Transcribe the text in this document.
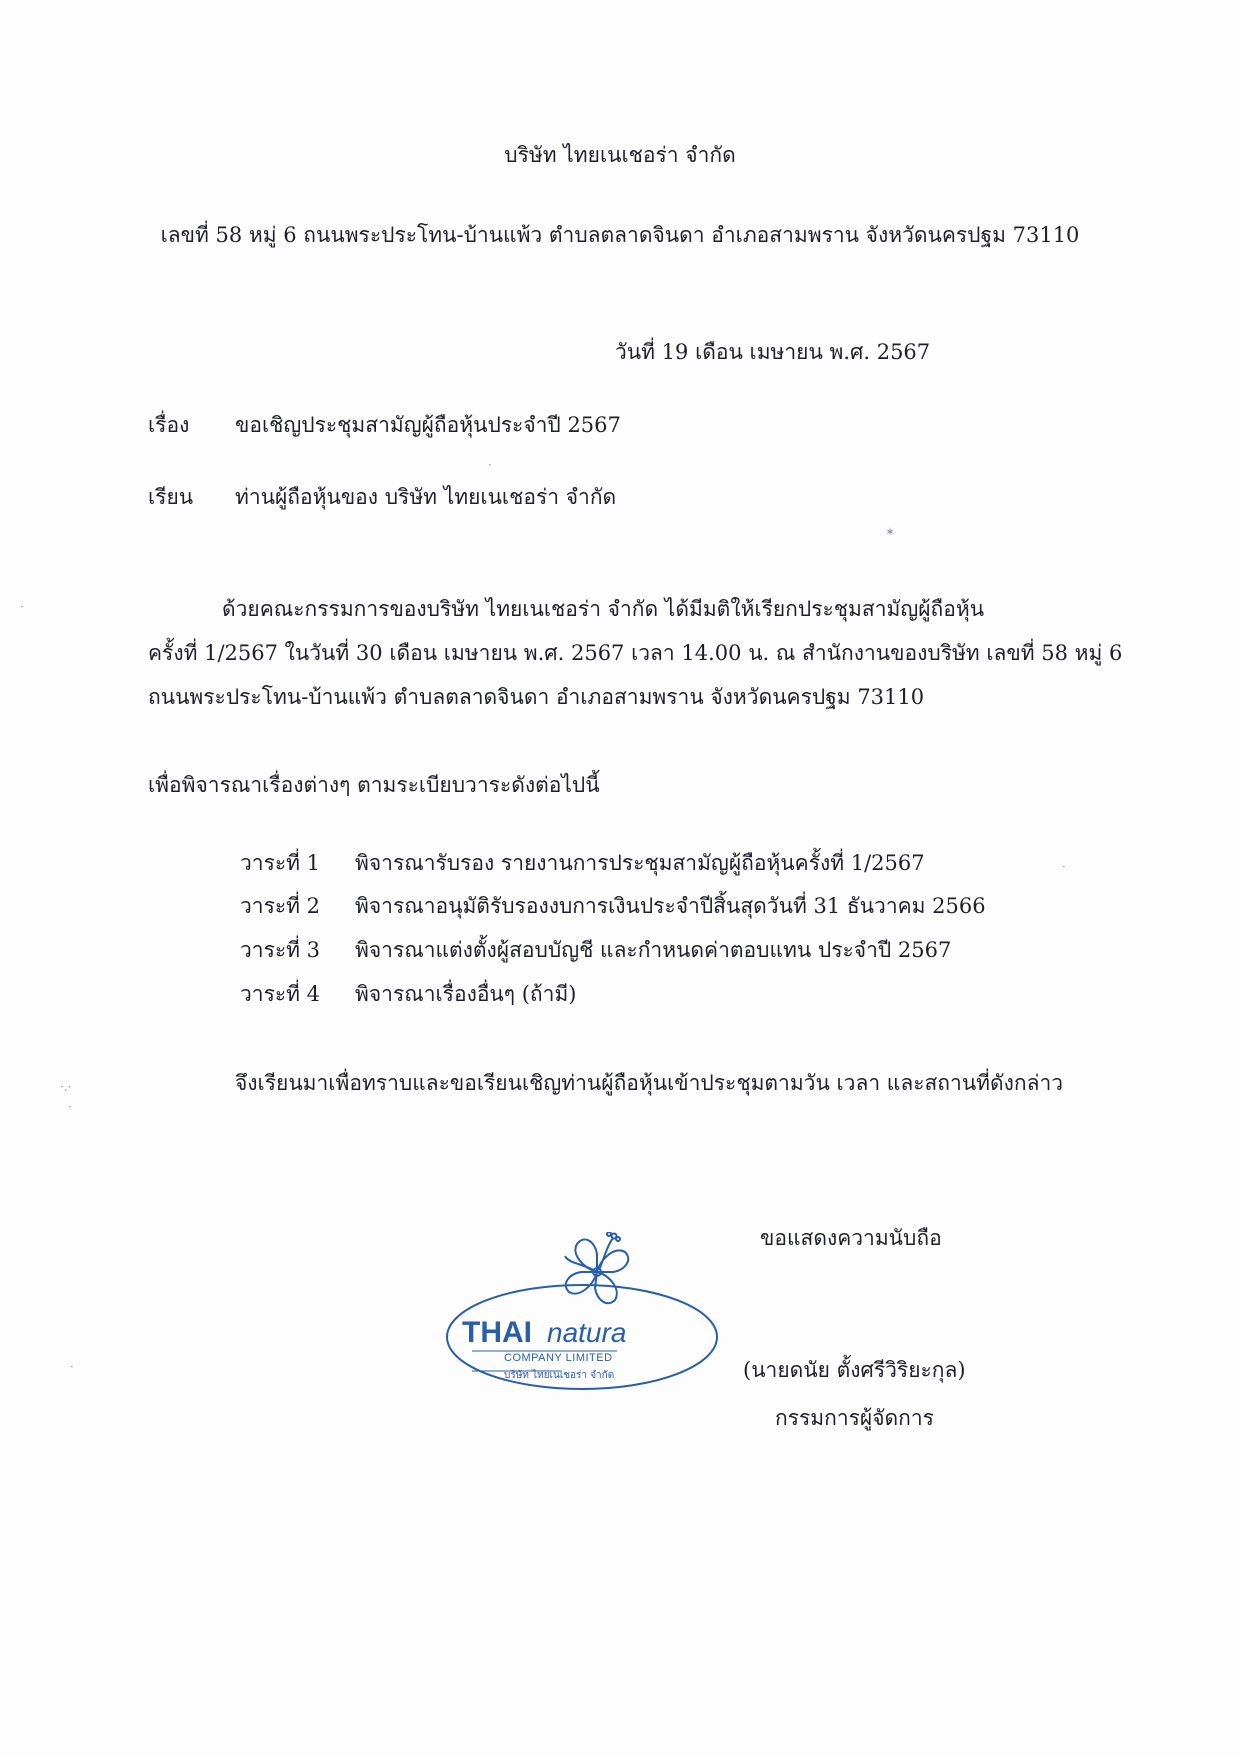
บริษัท ไทยเนเชอร่า จำกัด
เลขที่ 58 หมู่ 6 ถนนพระประโทน-บ้านแพ้ว ตำบลตลาดจินดา อำเภอสามพราน จังหวัดนครปฐม 73110
วันที่ 19 เดือน เมษายน พ.ศ. 2567
เรื่อง ขอเชิญประชุมสามัญผู้ถือหุ้นประจำปี 2567
เรียน ท่านผู้ถือหุ้นของ บริษัท ไทยเนเชอร่า จำกัด
ด้วยคณะกรรมการของบริษัท ไทยเนเชอร่า จำกัด ได้มีมติให้เรียกประชุมสามัญผู้ถือหุ้น
ครั้งที่ 1/2567 ในวันที่ 30 เดือน เมษายน พ.ศ. 2567 เวลา 14.00 น. ณ สำนักงานของบริษัท เลขที่ 58 หมู่ 6
ถนนพระประโทน-บ้านแพ้ว ตำบลตลาดจินดา อำเภอสามพราน จังหวัดนครปฐม 73110
เพื่อพิจารณาเรื่องต่างๆ ตามระเบียบวาระดังต่อไปนี้
วาระที่ 1 พิจารณารับรอง รายงานการประชุมสามัญผู้ถือหุ้นครั้งที่ 1/2567
วาระที่ 2 พิจารณาอนุมัติรับรองงบการเงินประจำปีสิ้นสุดวันที่ 31 ธันวาคม 2566
วาระที่ 3 พิจารณาแต่งตั้งผู้สอบบัญชี และกำหนดค่าตอบแทน ประจำปี 2567
วาระที่ 4 พิจารณาเรื่องอื่นๆ (ถ้ามี)
จึงเรียนมาเพื่อทราบและขอเรียนเชิญท่านผู้ถือหุ้นเข้าประชุมตามวัน เวลา และสถานที่ดังกล่าว
ขอแสดงความนับถือ
(นายดนัย ตั้งศรีวิริยะกุล)
กรรมการผู้จัดการ
THAI natura
COMPANY LIMITED
บริษัท ไทยเนเชอร่า จำกัด
·
·.·
·
·
✶
·
·
